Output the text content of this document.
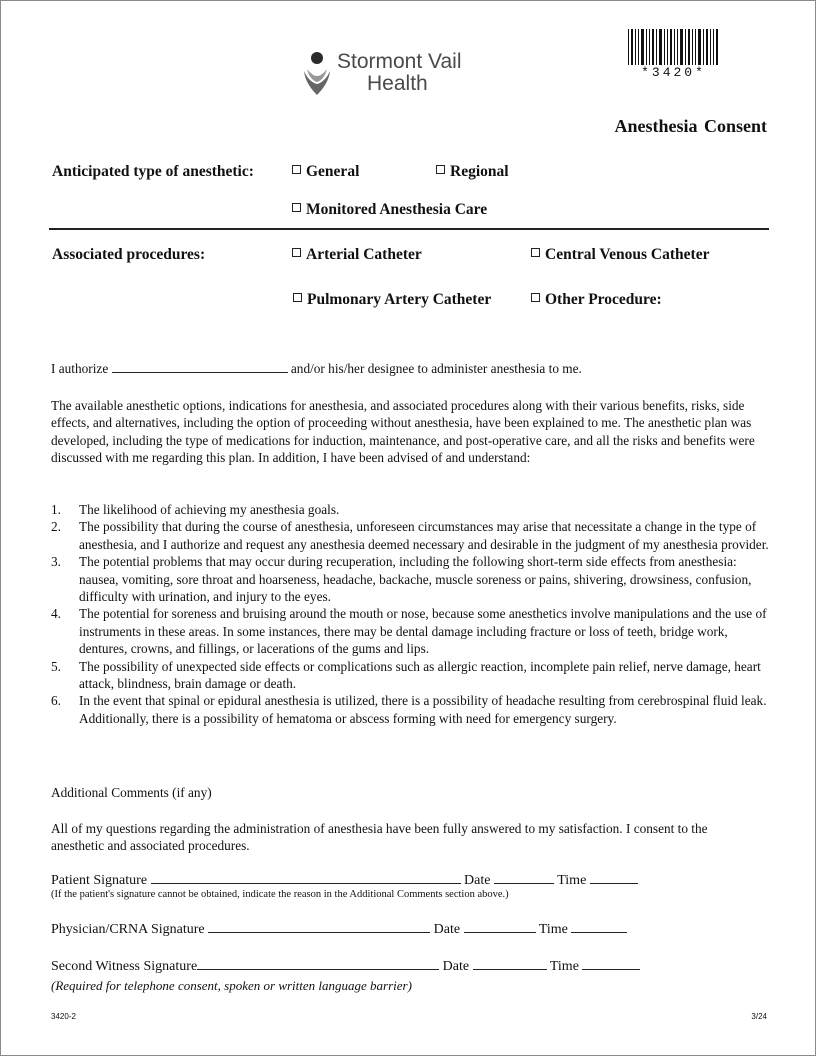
Stormont Vail
Health	*3420*
Anesthesia Consent
Anticipated type of anesthetic:	General	Regional
Monitored Anesthesia Care
Associated procedures:	Arterial Catheter	Central Venous Catheter
Pulmonary Artery Catheter	Other Procedure:
I authorize	and/or his/her designee to administer anesthesia to me.
The available anesthetic options, indications for anesthesia, and associated procedures along with their various benefits, risks, side effects, and alternatives, including the option of proceeding without anesthesia, have been explained to me. The anesthetic plan was developed, including the type of medications for induction, maintenance, and post-operative care, and all the risks and benefits were discussed with me regarding this plan. In addition, I have been advised of and understand:
1. The likelihood of achieving my anesthesia goals.
2. The possibility that during the course of anesthesia, unforeseen circumstances may arise that necessitate a change in the type of anesthesia, and I authorize and request any anesthesia deemed necessary and desirable in the judgment of my anesthesia provider.
3. The potential problems that may occur during recuperation, including the following short-term side effects from anesthesia: nausea, vomiting, sore throat and hoarseness, headache, backache, muscle soreness or pains, shivering, drowsiness, confusion, difficulty with urination, and injury to the eyes.
4. The potential for soreness and bruising around the mouth or nose, because some anesthetics involve manipulations and the use of instruments in these areas. In some instances, there may be dental damage including fracture or loss of teeth, bridge work, dentures, crowns, and fillings, or lacerations of the gums and lips.
5. The possibility of unexpected side effects or complications such as allergic reaction, incomplete pain relief, nerve damage, heart attack, blindness, brain damage or death.
6. In the event that spinal or epidural anesthesia is utilized, there is a possibility of headache resulting from cerebrospinal fluid leak. Additionally, there is a possibility of hematoma or abscess forming with need for emergency surgery.
Additional Comments (if any)
All of my questions regarding the administration of anesthesia have been fully answered to my satisfaction. I consent to the anesthetic and associated procedures.
Patient Signature	Date	Time
(If the patient's signature cannot be obtained, indicate the reason in the Additional Comments section above.)
Physician/CRNA Signature	Date	Time
Second Witness Signature	Date	Time
(Required for telephone consent, spoken or written language barrier)
3420-2	3/24
